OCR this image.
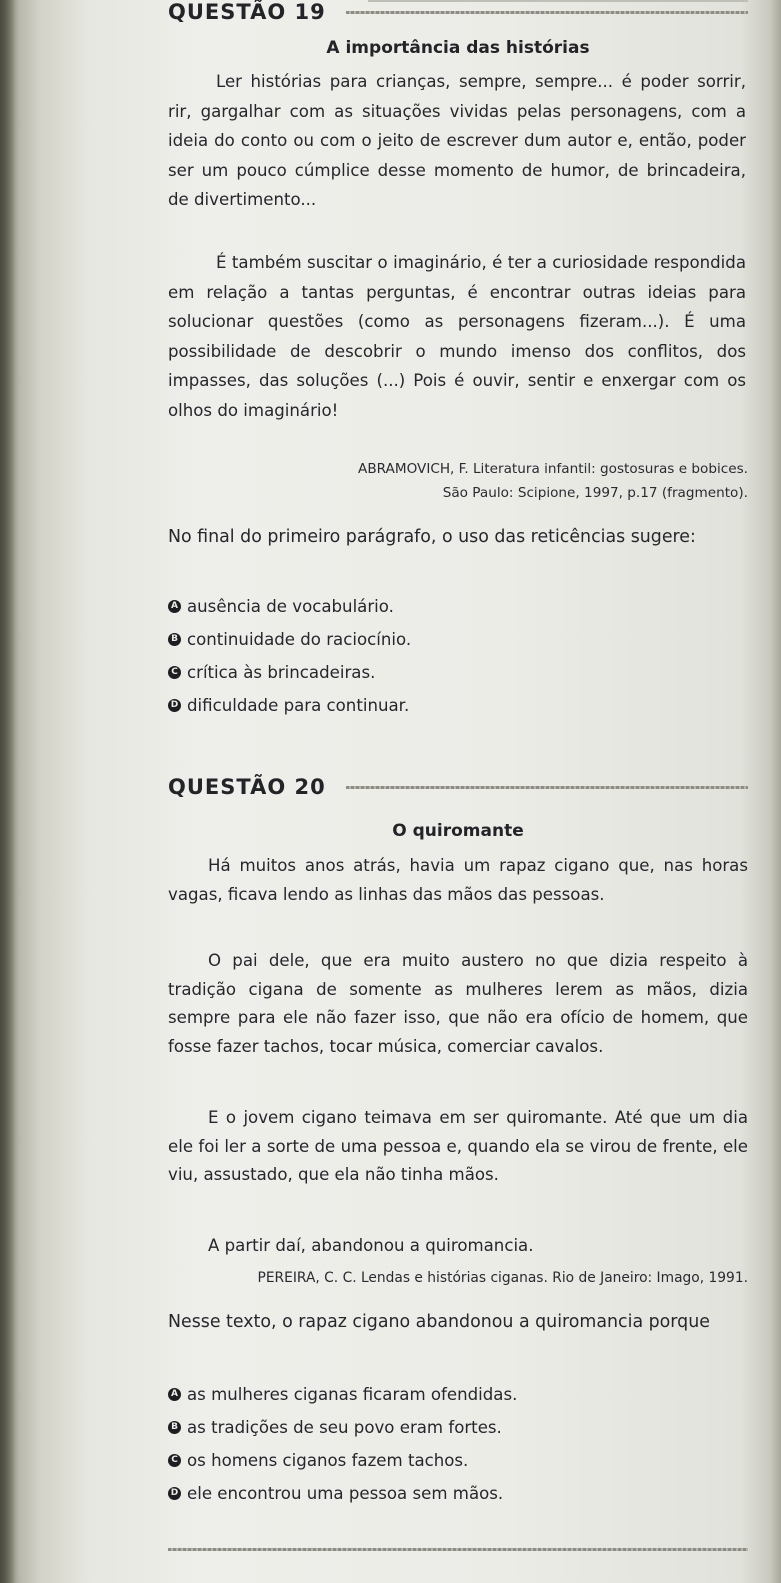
QUESTÃO 19
A importância das histórias

Ler histórias para crianças, sempre, sempre... é poder sorrir, rir, gargalhar com as situações vividas pelas personagens, com a ideia do conto ou com o jeito de escrever dum autor e, então, poder ser um pouco cúmplice desse momento de humor, de brincadeira, de divertimento...

É também suscitar o imaginário, é ter a curiosidade respondida em relação a tantas perguntas, é encontrar outras ideias para solucionar questões (como as personagens fizeram...). É uma possibilidade de descobrir o mundo imenso dos conflitos, dos impasses, das soluções (...) Pois é ouvir, sentir e enxergar com os olhos do imaginário!

ABRAMOVICH, F. Literatura infantil: gostosuras e bobices.
São Paulo: Scipione, 1997, p.17 (fragmento).
No final do primeiro parágrafo, o uso das reticências sugere:
A ausência de vocabulário.
B continuidade do raciocínio.
C crítica às brincadeiras.
D dificuldade para continuar.
QUESTÃO 20
O quiromante

Há muitos anos atrás, havia um rapaz cigano que, nas horas vagas, ficava lendo as linhas das mãos das pessoas.

O pai dele, que era muito austero no que dizia respeito à tradição cigana de somente as mulheres lerem as mãos, dizia sempre para ele não fazer isso, que não era ofício de homem, que fosse fazer tachos, tocar música, comerciar cavalos.

E o jovem cigano teimava em ser quiromante. Até que um dia ele foi ler a sorte de uma pessoa e, quando ela se virou de frente, ele viu, assustado, que ela não tinha mãos.

A partir daí, abandonou a quiromancia.

PEREIRA, C. C. Lendas e histórias ciganas. Rio de Janeiro: Imago, 1991.
Nesse texto, o rapaz cigano abandonou a quiromancia porque
A as mulheres ciganas ficaram ofendidas.
B as tradições de seu povo eram fortes.
C os homens ciganos fazem tachos.
D ele encontrou uma pessoa sem mãos.
